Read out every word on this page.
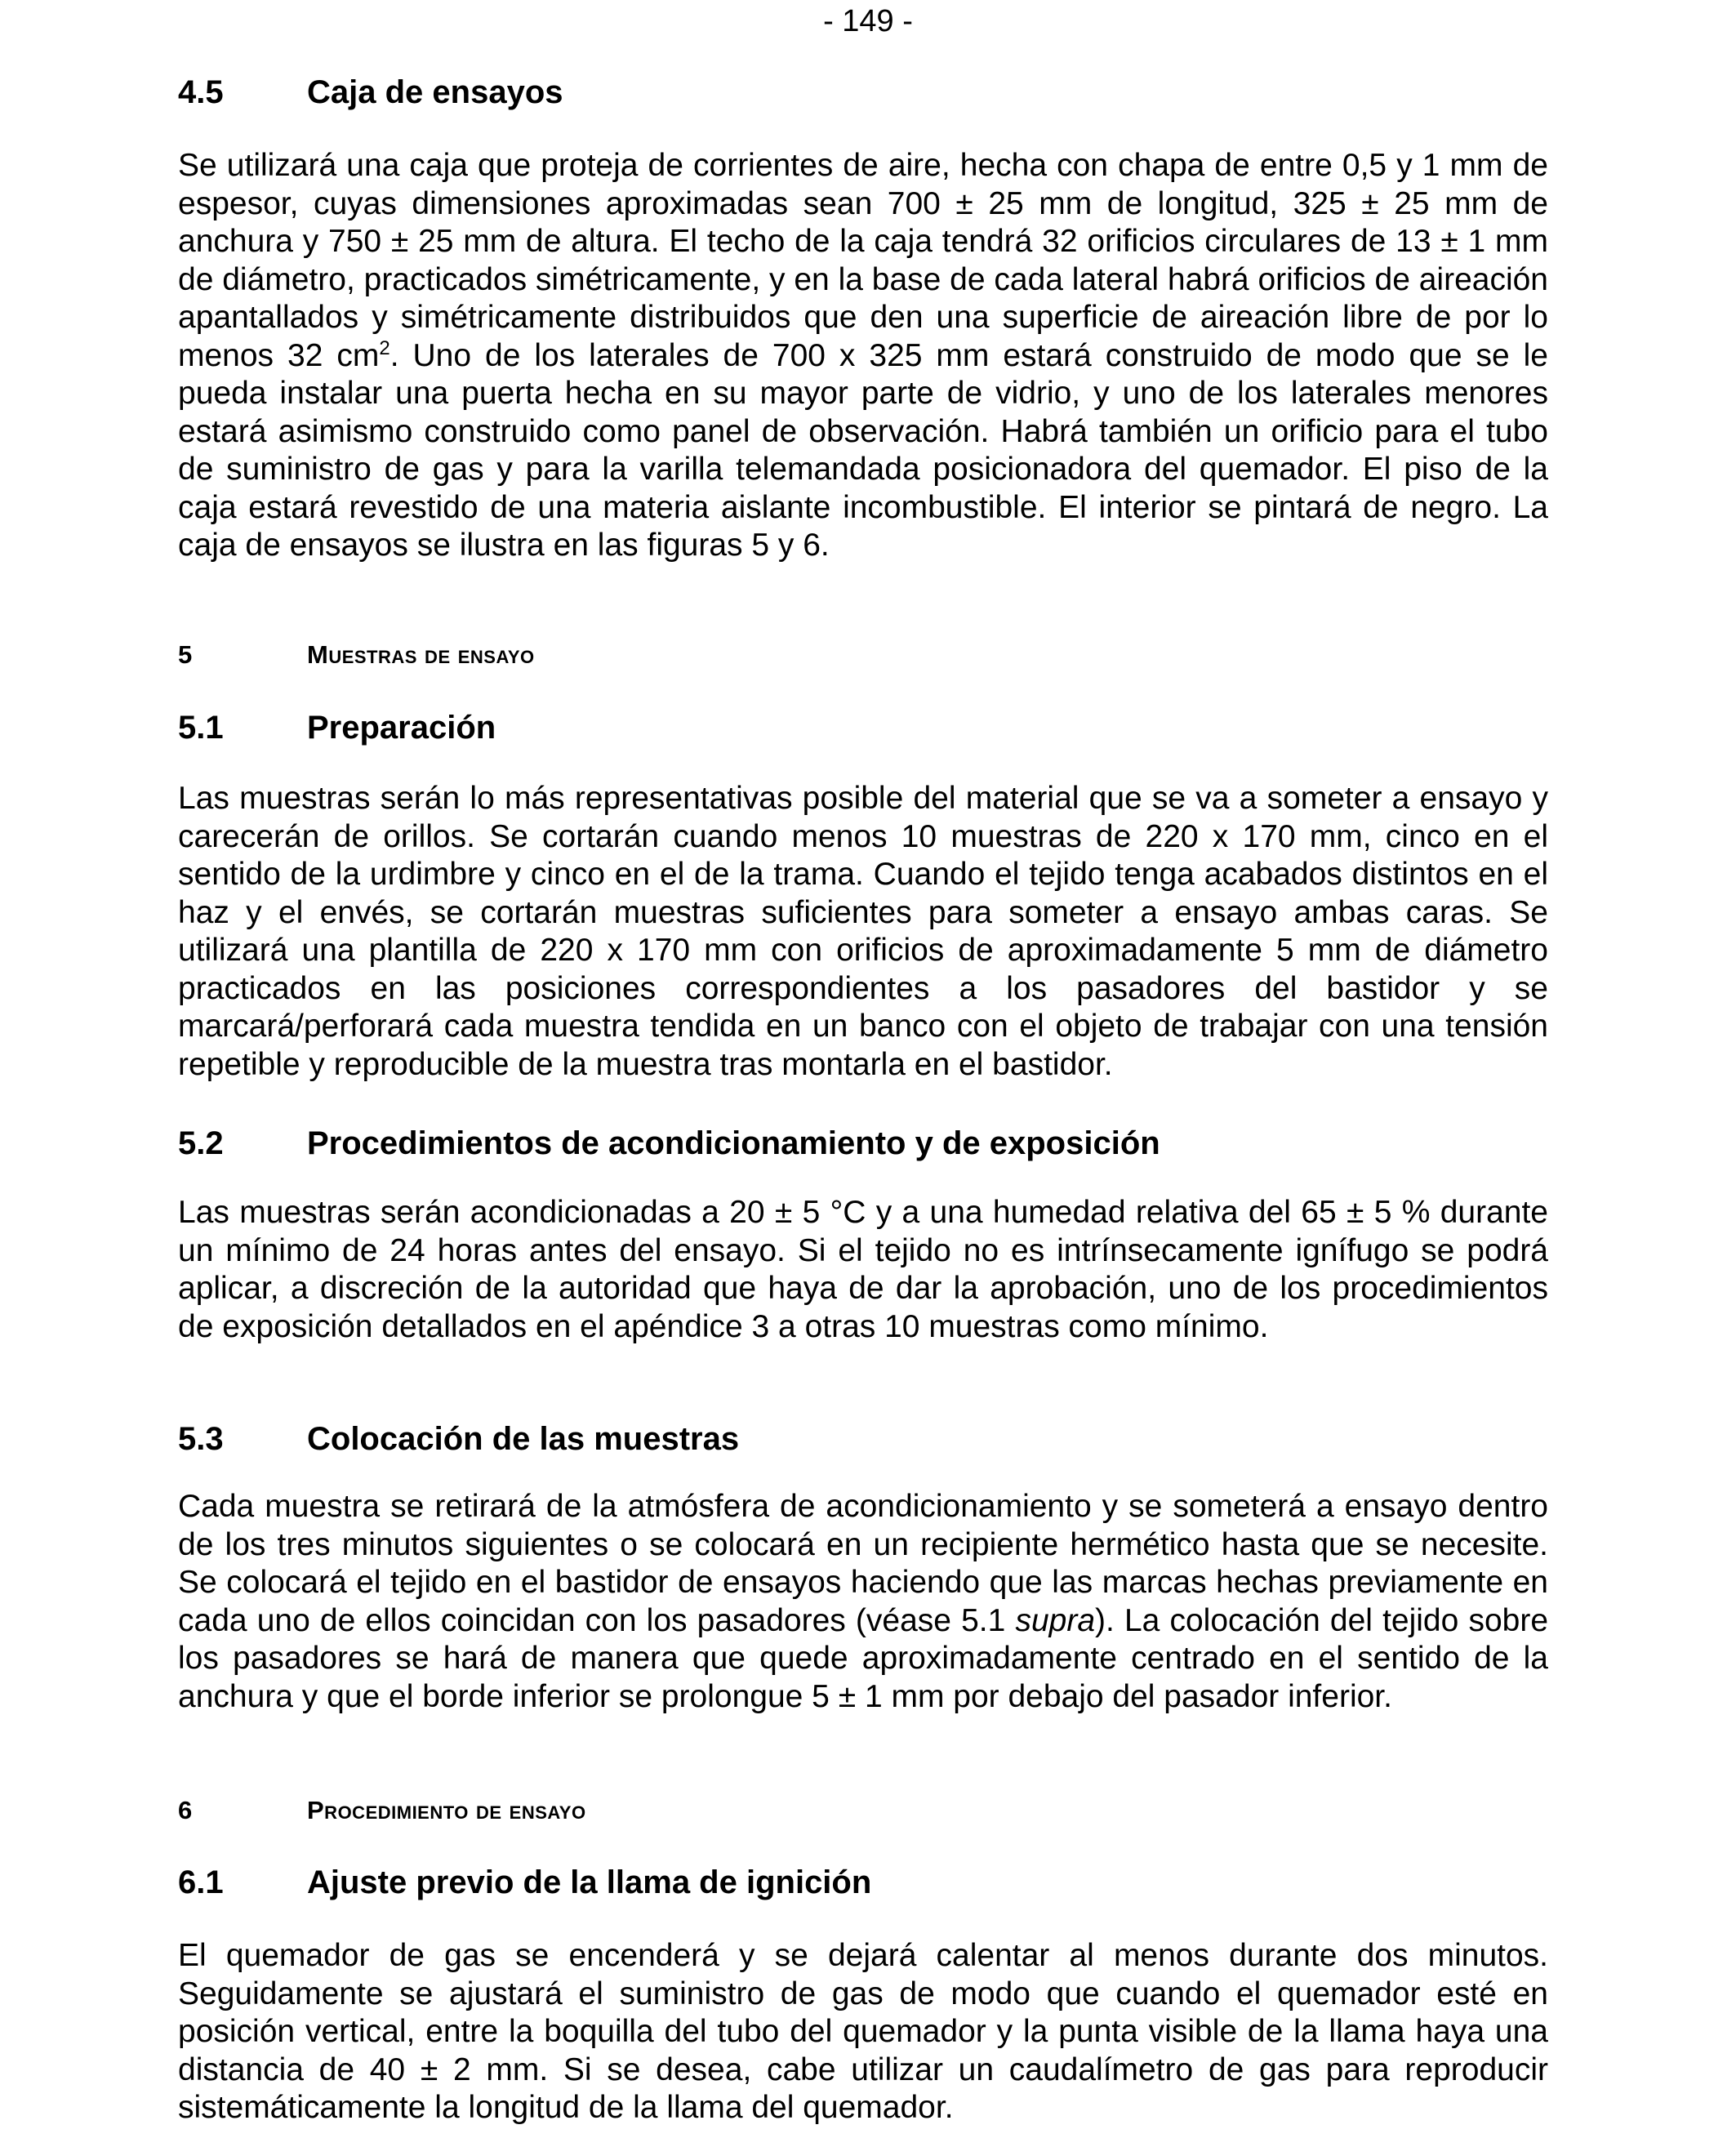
- 149 -
4.5	Caja de ensayos
Se utilizará una caja que proteja de corrientes de aire, hecha con chapa de entre 0,5 y 1 mm de espesor, cuyas dimensiones aproximadas sean 700 ± 25 mm de longitud, 325 ± 25 mm de anchura y 750 ± 25 mm de altura. El techo de la caja tendrá 32 orificios circulares de 13 ± 1 mm de diámetro, practicados simétricamente, y en la base de cada lateral habrá orificios de aireación apantallados y simétricamente distribuidos que den una superficie de aireación libre de por lo menos 32 $cm^2$. Uno de los laterales de 700 x 325 mm estará construido de modo que se le pueda instalar una puerta hecha en su mayor parte de vidrio, y uno de los laterales menores estará asimismo construido como panel de observación. Habrá también un orificio para el tubo de suministro de gas y para la varilla telemandada posicionadora del quemador. El piso de la caja estará revestido de una materia aislante incombustible. El interior se pintará de negro. La caja de ensayos se ilustra en las figuras 5 y 6.
5	Muestras de ensayo
5.1	Preparación
Las muestras serán lo más representativas posible del material que se va a someter a ensayo y carecerán de orillos. Se cortarán cuando menos 10 muestras de 220 x 170 mm, cinco en el sentido de la urdimbre y cinco en el de la trama. Cuando el tejido tenga acabados distintos en el haz y el envés, se cortarán muestras suficientes para someter a ensayo ambas caras. Se utilizará una plantilla de 220 x 170 mm con orificios de aproximadamente 5 mm de diámetro practicados en las posiciones correspondientes a los pasadores del bastidor y se marcará/perforará cada muestra tendida en un banco con el objeto de trabajar con una tensión repetible y reproducible de la muestra tras montarla en el bastidor.
5.2	Procedimientos de acondicionamiento y de exposición
Las muestras serán acondicionadas a 20 ± 5 °C y a una humedad relativa del 65 ± 5 % durante un mínimo de 24 horas antes del ensayo. Si el tejido no es intrínsecamente ignífugo se podrá aplicar, a discreción de la autoridad que haya de dar la aprobación, uno de los procedimientos de exposición detallados en el apéndice 3 a otras 10 muestras como mínimo.
5.3	Colocación de las muestras
Cada muestra se retirará de la atmósfera de acondicionamiento y se someterá a ensayo dentro de los tres minutos siguientes o se colocará en un recipiente hermético hasta que se necesite. Se colocará el tejido en el bastidor de ensayos haciendo que las marcas hechas previamente en cada uno de ellos coincidan con los pasadores (véase 5.1 supra). La colocación del tejido sobre los pasadores se hará de manera que quede aproximadamente centrado en el sentido de la anchura y que el borde inferior se prolongue 5 ± 1 mm por debajo del pasador inferior.
6	Procedimiento de ensayo
6.1	Ajuste previo de la llama de ignición
El quemador de gas se encenderá y se dejará calentar al menos durante dos minutos. Seguidamente se ajustará el suministro de gas de modo que cuando el quemador esté en posición vertical, entre la boquilla del tubo del quemador y la punta visible de la llama haya una distancia de 40 ± 2 mm. Si se desea, cabe utilizar un caudalímetro de gas para reproducir sistemáticamente la longitud de la llama del quemador.
